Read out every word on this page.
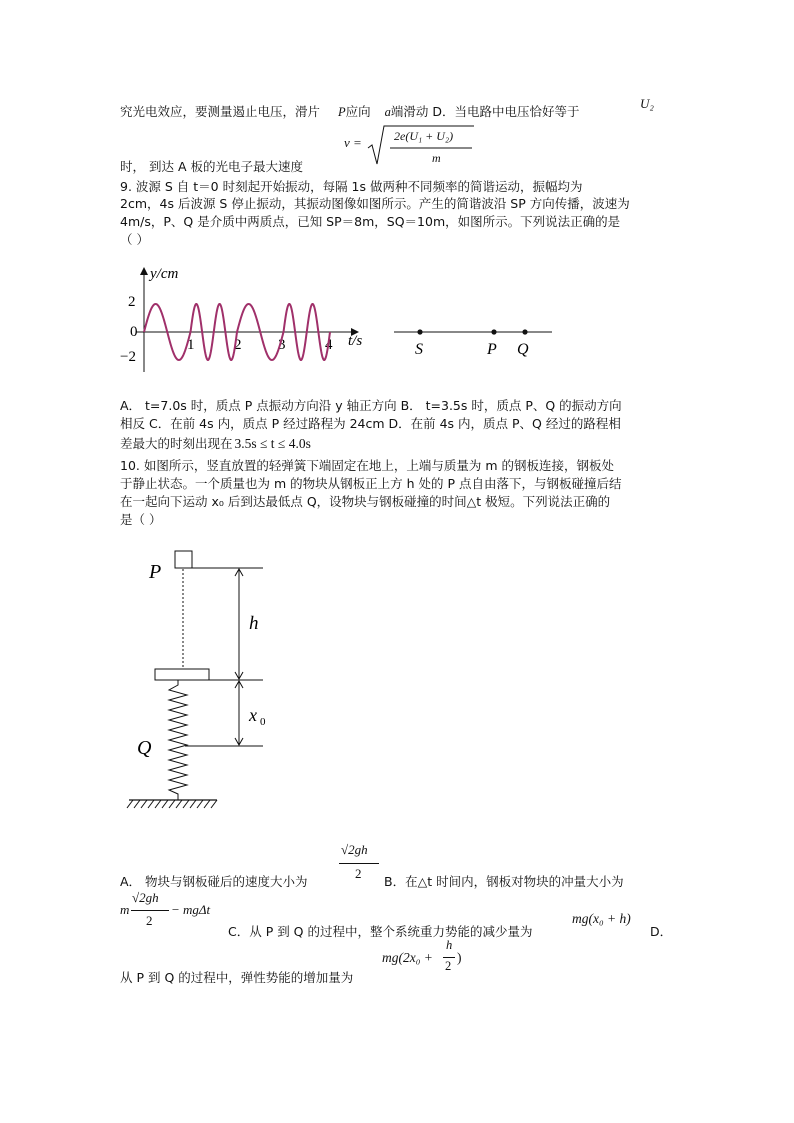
究光电效应，要测量遏止电压，滑片 P应向 a端滑动 D．当电路中电压恰好等于
U₂
v =	2e(U₁ + U₂)
m
时， 到达 A 板的光电子最大速度
9. 波源 S 自 t＝0 时刻起开始振动，每隔 1s 做两种不同频率的简谐运动，振幅均为
2cm，4s 后波源 S 停止振动，其振动图像如图所示。产生的简谐波沿 SP 方向传播，波速为
4m/s，P、Q 是介质中两质点，已知 SP＝8m，SQ＝10m，如图所示。下列说法正确的是
（ ）
y/cm
t/s
2
0
−2
1	2 3	4	S	P Q
A． t=7.0s 时，质点 P 点振动方向沿 y 轴正方向 B． t=3.5s 时，质点 P、Q 的振动方向
相反 C．在前 4s 内，质点 P 经过路程为 24cm D．在前 4s 内，质点 P、Q 经过的路程相
差最大的时刻出现在 3.5s ≤ t ≤ 4.0s
10. 如图所示，竖直放置的轻弹簧下端固定在地上，上端与质量为 m 的钢板连接，钢板处
于静止状态。一个质量也为 m 的物块从钢板正上方 h 处的 P 点自由落下，与钢板碰撞后结
在一起向下运动 x₀ 后到达最低点 Q，设物块与钢板碰撞的时间△t 极短。下列说法正确的
是（ ）
P
h
x 0
Q
√2gh
2
A． 物块与钢板碰后的速度大小为	B．在△t 时间内，钢板对物块的冲量大小为
m
√2gh
2
− mgΔt
C．从 P 到 Q 的过程中，整个系统重力势能的减少量为
mg(x₀ + h)
D．
mg(2x₀ +
h
2
)
从 P 到 Q 的过程中，弹性势能的增加量为
